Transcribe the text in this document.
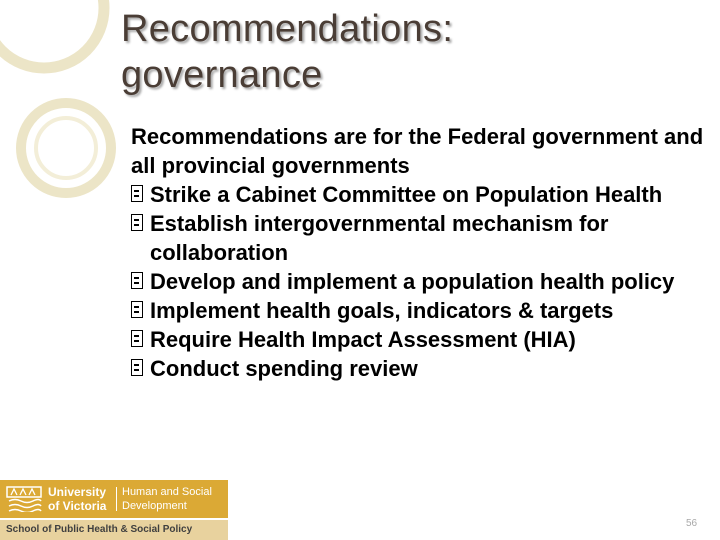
Recommendations:
governance

Recommendations are for the Federal government and all provincial governments

Strike a Cabinet Committee on Population Health
Establish intergovernmental mechanism for collaboration
Develop and implement a population health policy
Implement health goals, indicators & targets
Require Health Impact Assessment (HIA)
Conduct spending review
University
of Victoria
Human and Social
Development
School of Public Health & Social Policy
56
